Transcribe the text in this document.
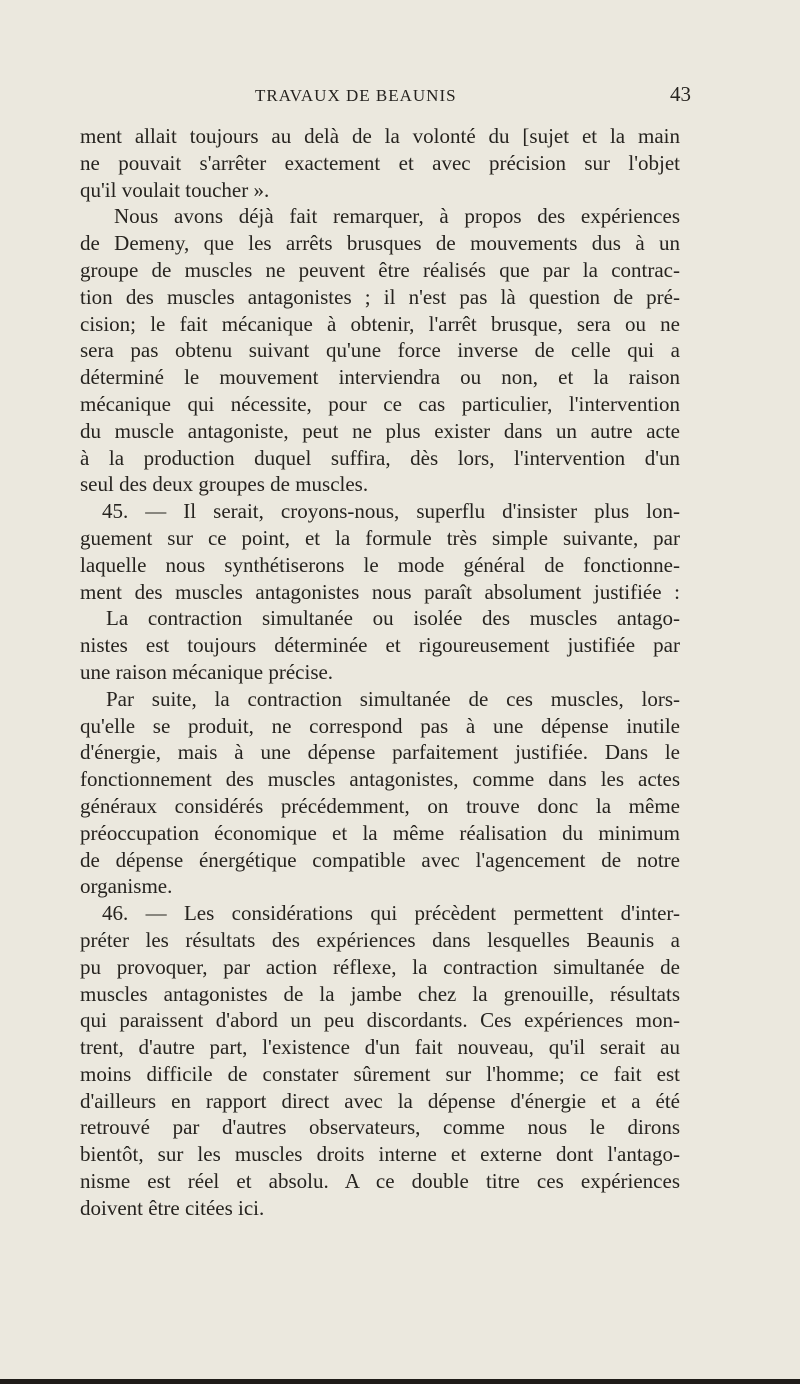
TRAVAUX DE BEAUNIS	43
ment allait toujours au delà de la volonté du [sujet et la main
ne pouvait s'arrêter exactement et avec précision sur l'objet
qu'il voulait toucher ».
Nous avons déjà fait remarquer, à propos des expériences
de Demeny, que les arrêts brusques de mouvements dus à un
groupe de muscles ne peuvent être réalisés que par la contrac-
tion des muscles antagonistes ; il n'est pas là question de pré-
cision; le fait mécanique à obtenir, l'arrêt brusque, sera ou ne
sera pas obtenu suivant qu'une force inverse de celle qui a
déterminé le mouvement interviendra ou non, et la raison
mécanique qui nécessite, pour ce cas particulier, l'intervention
du muscle antagoniste, peut ne plus exister dans un autre acte
à la production duquel suffira, dès lors, l'intervention d'un
seul des deux groupes de muscles.
45. — Il serait, croyons-nous, superflu d'insister plus lon-
guement sur ce point, et la formule très simple suivante, par
laquelle nous synthétiserons le mode général de fonctionne-
ment des muscles antagonistes nous paraît absolument justifiée :
La contraction simultanée ou isolée des muscles antago-
nistes est toujours déterminée et rigoureusement justifiée par
une raison mécanique précise.
Par suite, la contraction simultanée de ces muscles, lors-
qu'elle se produit, ne correspond pas à une dépense inutile
d'énergie, mais à une dépense parfaitement justifiée. Dans le
fonctionnement des muscles antagonistes, comme dans les actes
généraux considérés précédemment, on trouve donc la même
préoccupation économique et la même réalisation du minimum
de dépense énergétique compatible avec l'agencement de notre
organisme.
46. — Les considérations qui précèdent permettent d'inter-
préter les résultats des expériences dans lesquelles Beaunis a
pu provoquer, par action réflexe, la contraction simultanée de
muscles antagonistes de la jambe chez la grenouille, résultats
qui paraissent d'abord un peu discordants. Ces expériences mon-
trent, d'autre part, l'existence d'un fait nouveau, qu'il serait au
moins difficile de constater sûrement sur l'homme; ce fait est
d'ailleurs en rapport direct avec la dépense d'énergie et a été
retrouvé par d'autres observateurs, comme nous le dirons
bientôt, sur les muscles droits interne et externe dont l'antago-
nisme est réel et absolu. A ce double titre ces expériences
doivent être citées ici.
